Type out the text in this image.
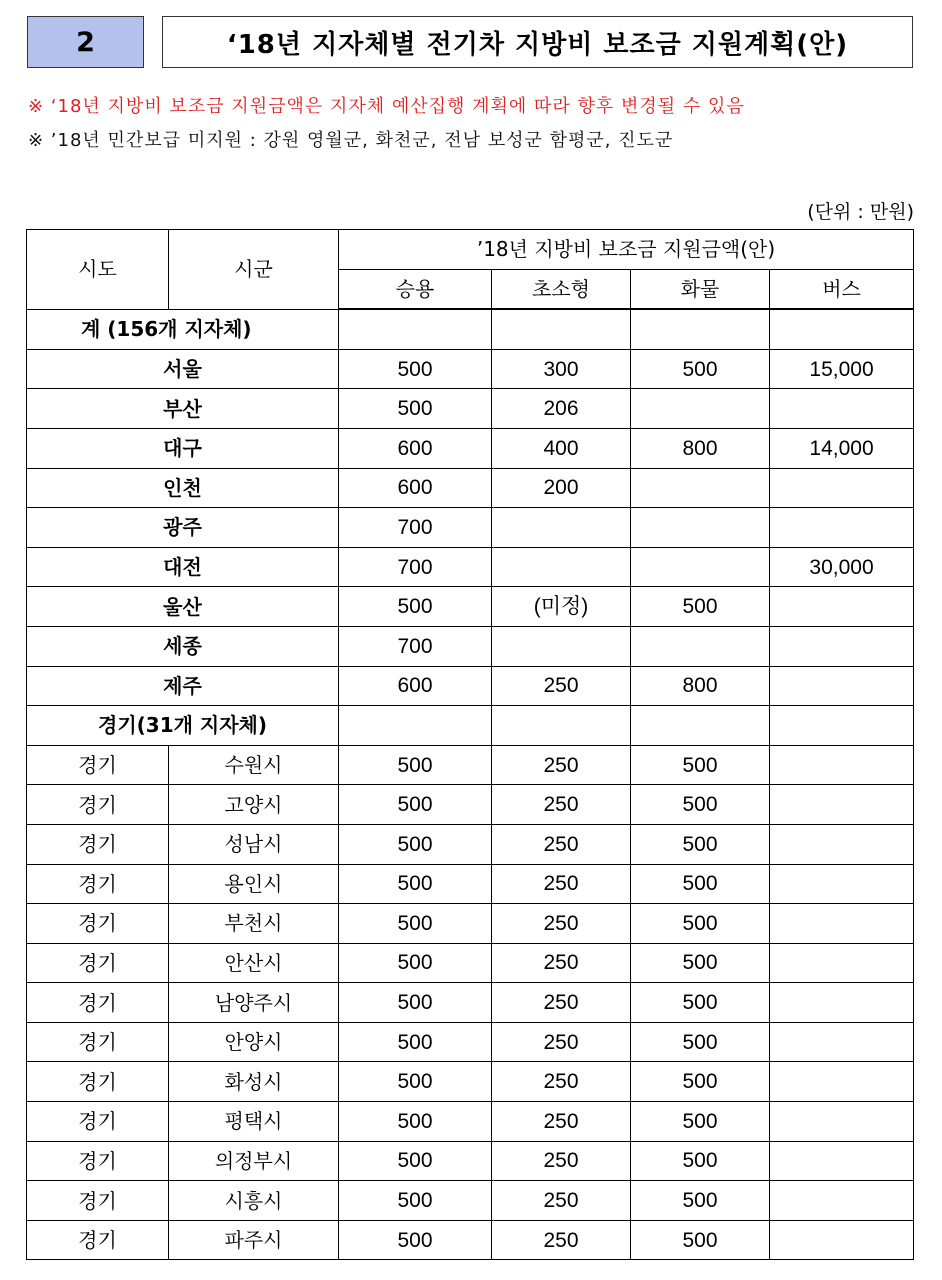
2	‘18년 지자체별 전기차 지방비 보조금 지원계획(안)
※ ‘18년 지방비 보조금 지원금액은 지자체 예산집행 계획에 따라 향후 변경될 수 있음
※ ’18년 민간보급 미지원 : 강원 영월군, 화천군, 전남 보성군 함평군, 진도군
(단위 : 만원)
시도	시군	’18년 지방비 보조금 지원금액(안)			
		승용	초소형	화물	버스
계 (156개 지자체)					
서울		500	300	500	15,000
부산		500	206		
대구		600	400	800	14,000
인천		600	200		
광주		700			
대전		700			30,000
울산		500	(미정)	500	
세종		700			
제주		600	250	800	
경기(31개 지자체)					
경기	수원시	500	250	500	
경기	고양시	500	250	500	
경기	성남시	500	250	500	
경기	용인시	500	250	500	
경기	부천시	500	250	500	
경기	안산시	500	250	500	
경기	남양주시	500	250	500	
경기	안양시	500	250	500	
경기	화성시	500	250	500	
경기	평택시	500	250	500	
경기	의정부시	500	250	500	
경기	시흥시	500	250	500	
경기	파주시	500	250	500	
